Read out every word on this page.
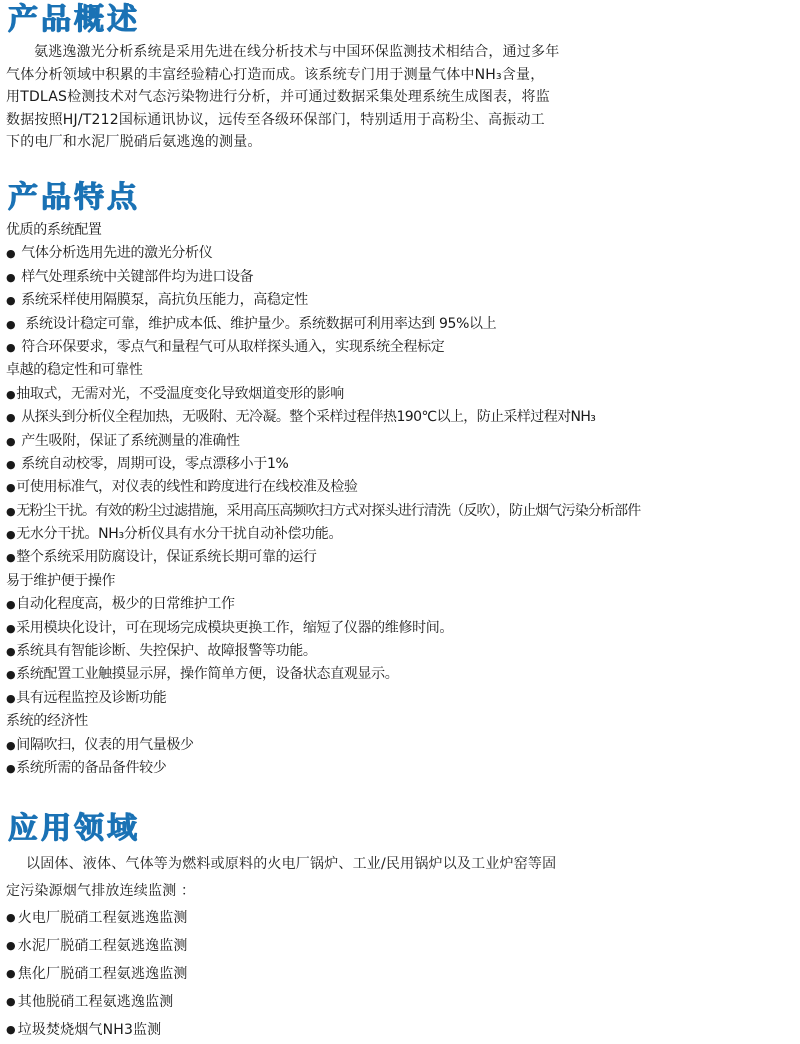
产品概述
氨逃逸激光分析系统是采用先进在线分析技术与中国环保监测技术相结合，通过多年
气体分析领域中积累的丰富经验精心打造而成。该系统专门用于测量气体中NH₃含量，
用TDLAS检测技术对气态污染物进行分析，并可通过数据采集处理系统生成图表，将监
数据按照HJ/T212国标通讯协议，远传至各级环保部门，特别适用于高粉尘、高振动工
下的电厂和水泥厂脱硝后氨逃逸的测量。
产品特点
优质的系统配置
● 气体分析选用先进的激光分析仪
● 样气处理系统中关键部件均为进口设备
● 系统采样使用隔膜泵，高抗负压能力，高稳定性
● 系统设计稳定可靠，维护成本低、维护量少。系统数据可利用率达到 95%以上
● 符合环保要求，零点气和量程气可从取样探头通入，实现系统全程标定
卓越的稳定性和可靠性
●抽取式，无需对光，不受温度变化导致烟道变形的影响
● 从探头到分析仪全程加热，无吸附、无冷凝。整个采样过程伴热190℃以上，防止采样过程对NH₃
● 产生吸附，保证了系统测量的准确性
● 系统自动校零，周期可设，零点漂移小于1%
●可使用标准气，对仪表的线性和跨度进行在线校准及检验
●无粉尘干扰。有效的粉尘过滤措施，采用高压高频吹扫方式对探头进行清洗（反吹），防止烟气污染分析部件
●无水分干扰。NH₃分析仪具有水分干扰自动补偿功能。
●整个系统采用防腐设计，保证系统长期可靠的运行
易于维护便于操作
●自动化程度高，极少的日常维护工作
●采用模块化设计，可在现场完成模块更换工作，缩短了仪器的维修时间。
●系统具有智能诊断、失控保护、故障报警等功能。
●系统配置工业触摸显示屏，操作简单方便，设备状态直观显示。
●具有远程监控及诊断功能
系统的经济性
●间隔吹扫，仪表的用气量极少
●系统所需的备品备件较少
应用领域
以固体、液体、气体等为燃料或原料的火电厂锅炉、工业/民用锅炉以及工业炉窑等固
定污染源烟气排放连续监测 ：
● 火电厂脱硝工程氨逃逸监测
● 水泥厂脱硝工程氨逃逸监测
● 焦化厂脱硝工程氨逃逸监测
● 其他脱硝工程氨逃逸监测
● 垃圾焚烧烟气NH3监测
